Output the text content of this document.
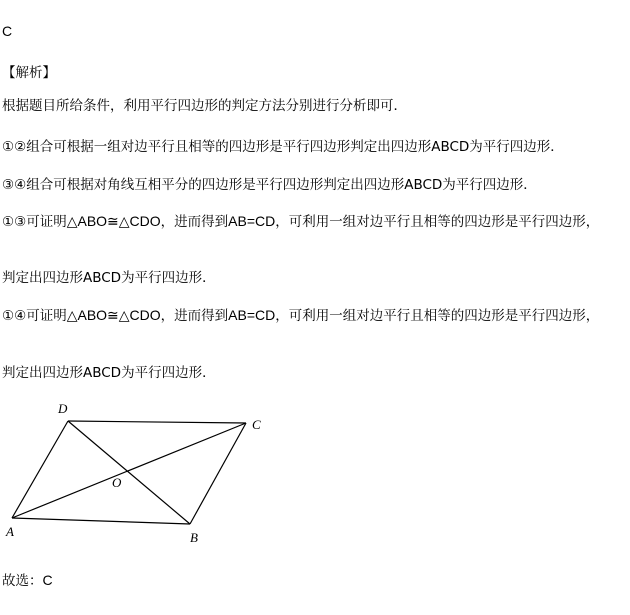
C
【解析】
根据题目所给条件，利用平行四边形的判定方法分别进行分析即可．
①②组合可根据一组对边平行且相等的四边形是平行四边形判定出四边形ABCD为平行四边形．
③④组合可根据对角线互相平分的四边形是平行四边形判定出四边形ABCD为平行四边形．
①③可证明△ABO≅△CDO，进而得到AB=CD，可利用一组对边平行且相等的四边形是平行四边形，
判定出四边形ABCD为平行四边形．
①④可证明△ABO≅△CDO，进而得到AB=CD，可利用一组对边平行且相等的四边形是平行四边形，
判定出四边形ABCD为平行四边形．
D
C
O
A	B
故选：C
